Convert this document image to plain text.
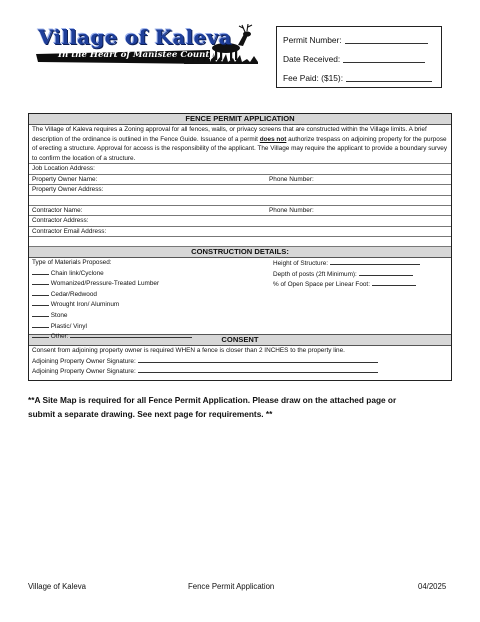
Village of Kaleva
In the Heart of Manistee County
Permit Number:
Date Received:
Fee Paid: ($15):
FENCE PERMIT APPLICATION
The Village of Kaleva requires a Zoning approval for all fences, walls, or privacy screens that are constructed within the Village limits. A brief description of the ordinance is outlined in the Fence Guide. Issuance of a permit does not authorize trespass on adjoining property for the purpose of erecting a structure. Approval for access is the responsibility of the applicant. The Village may require the applicant to provide a boundary survey to confirm the location of a structure.
Job Location Address:
Property Owner Name:	Phone Number:
Property Owner Address:
Contractor Name:	Phone Number:
Contractor Address:
Contractor Email Address:
CONSTRUCTION DETAILS:
Type of Materials Proposed:
Chain link/Cyclone
Womanized/Pressure-Treated Lumber
Cedar/Redwood
Wrought Iron/ Aluminum
Stone
Plastic/ Vinyl
Other:
Height of Structure:
Depth of posts (2ft Minimum):
% of Open Space per Linear Foot:
CONSENT
Consent from adjoining property owner is required WHEN a fence is closer than 2 INCHES to the property line.
Adjoining Property Owner Signature:
Adjoining Property Owner Signature:
**A Site Map is required for all Fence Permit Application. Please draw on the attached page or
submit a separate drawing. See next page for requirements. **
Village of Kaleva	Fence Permit Application	04/2025
